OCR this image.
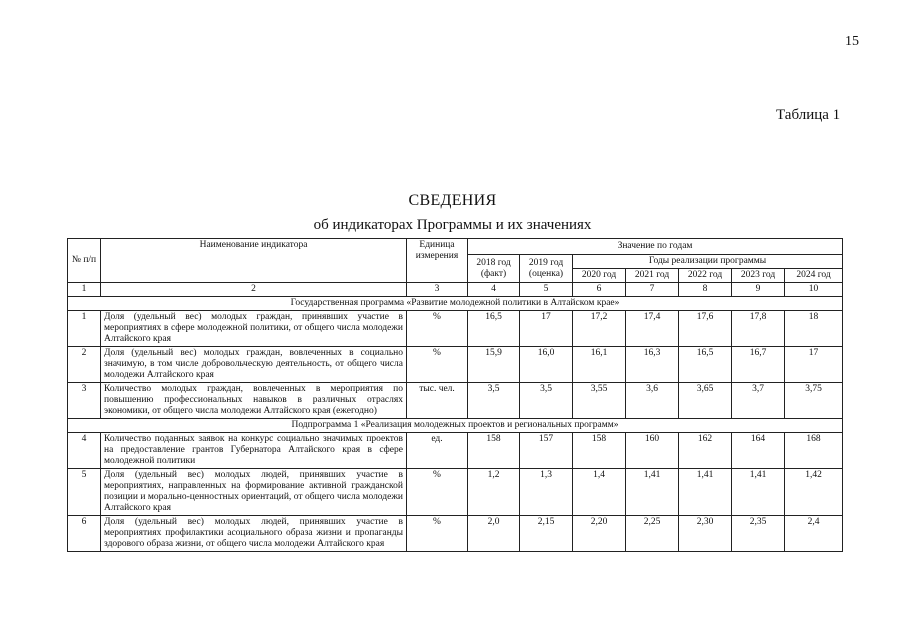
15
Таблица 1
СВЕДЕНИЯ
об индикаторах Программы и их значениях
№ п/п	Наименование индикатора	Единица измерения	Значение по годам						
			2018 год (факт)	2019 год (оценка)	Годы реализации программы				
					2020 год	2021 год	2022 год	2023 год	2024 год
1	2	3	4	5	6	7	8	9	10
Государственная программа «Развитие молодежной политики в Алтайском крае»									
1	Доля (удельный вес) молодых граждан, принявших участие в мероприятиях в сфере молодежной политики, от общего числа молодежи Алтайского края	%	16,5	17	17,2	17,4	17,6	17,8	18
2	Доля (удельный вес) молодых граждан, вовлеченных в социально значимую, в том числе добровольческую деятельность, от общего числа молодежи Алтайского края	%	15,9	16,0	16,1	16,3	16,5	16,7	17
3	Количество молодых граждан, вовлеченных в мероприятия по повышению профессиональных навыков в различных отраслях экономики, от общего числа молодежи Алтайского края (ежегодно)	тыс. чел.	3,5	3,5	3,55	3,6	3,65	3,7	3,75
Подпрограмма 1 «Реализация молодежных проектов и региональных программ»									
4	Количество поданных заявок на конкурс социально значимых проектов на предоставление грантов Губернатора Алтайского края в сфере молодежной политики	ед.	158	157	158	160	162	164	168
5	Доля (удельный вес) молодых людей, принявших участие в мероприятиях, направленных на формирование активной гражданской позиции и морально-ценностных ориентаций, от общего числа молодежи Алтайского края	%	1,2	1,3	1,4	1,41	1,41	1,41	1,42
6	Доля (удельный вес) молодых людей, принявших участие в мероприятиях профилактики асоциального образа жизни и пропаганды здорового образа жизни, от общего числа молодежи Алтайского края	%	2,0	2,15	2,20	2,25	2,30	2,35	2,4
